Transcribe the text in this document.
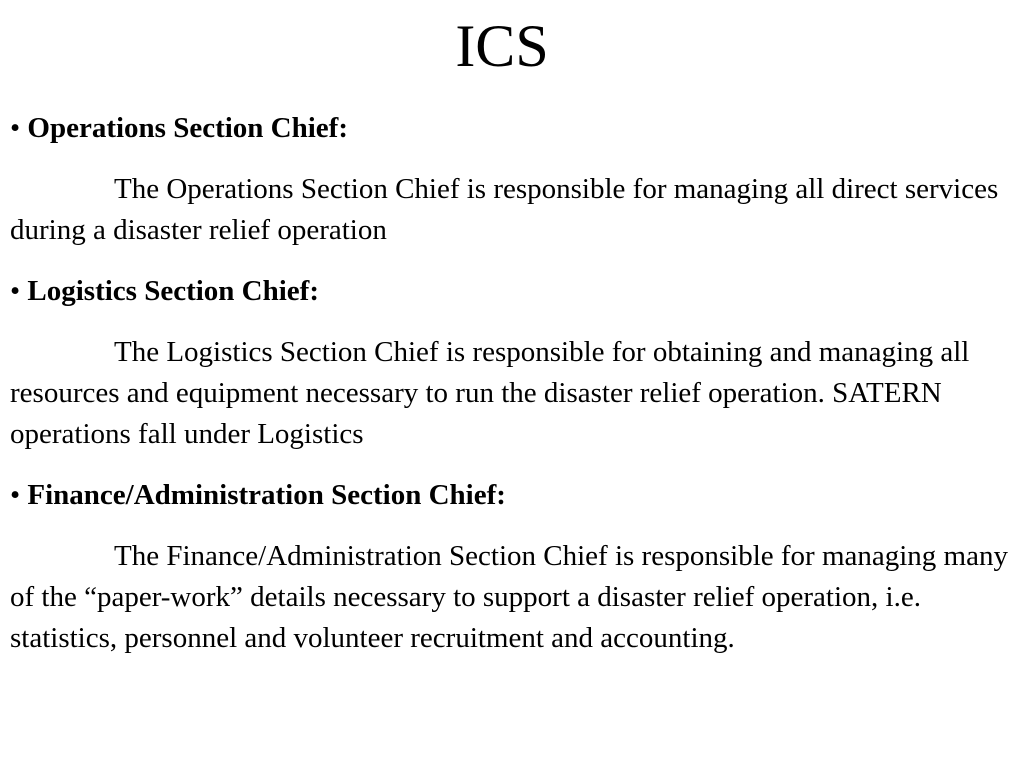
ICS

• Operations Section Chief:

The Operations Section Chief is responsible for managing all direct services during a disaster relief operation

• Logistics Section Chief:

The Logistics Section Chief is responsible for obtaining and managing all resources and equipment necessary to run the disaster relief operation. SATERN operations fall under Logistics

• Finance/Administration Section Chief:

The Finance/Administration Section Chief is responsible for managing many of the “paper-work” details necessary to support a disaster relief operation, i.e. statistics, personnel and volunteer recruitment and accounting.
